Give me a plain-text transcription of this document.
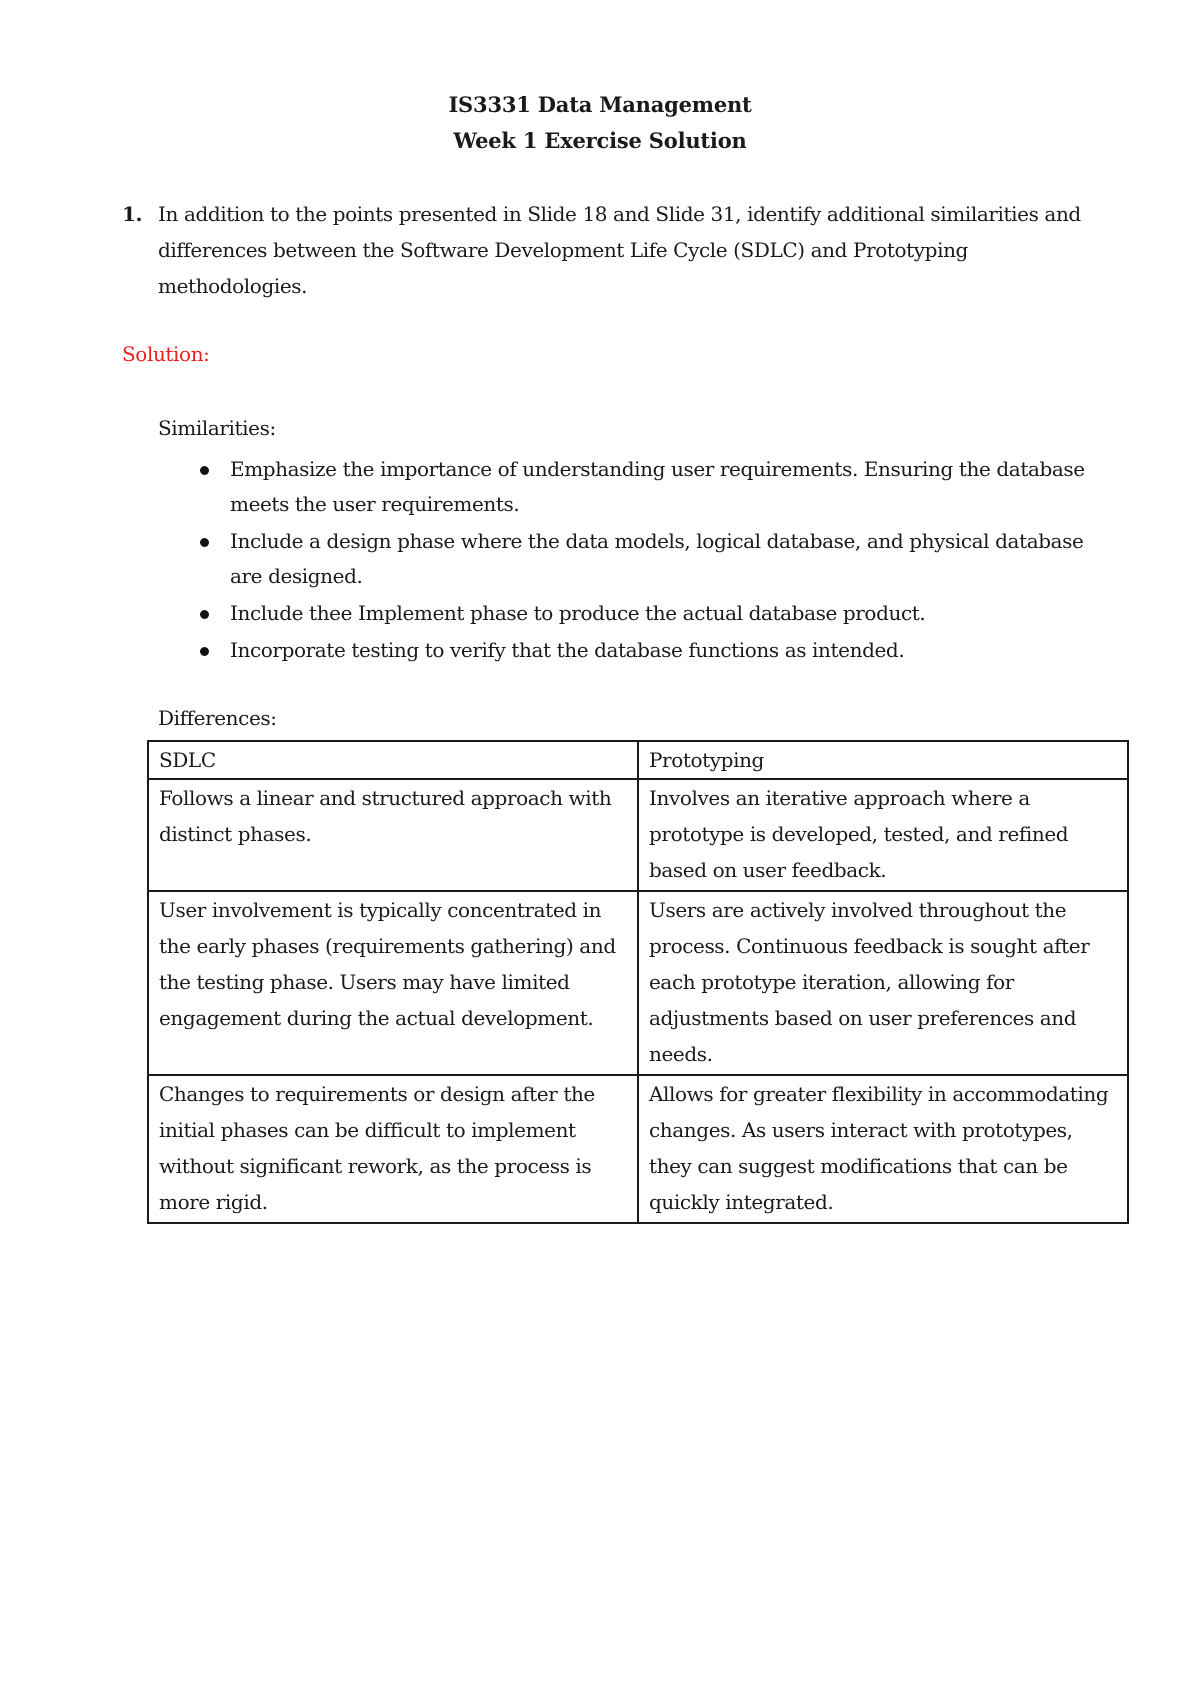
IS3331 Data Management
Week 1 Exercise Solution
1. In addition to the points presented in Slide 18 and Slide 31, identify additional similarities and differences between the Software Development Life Cycle (SDLC) and Prototyping methodologies.
Solution:
Similarities:
Emphasize the importance of understanding user requirements. Ensuring the database meets the user requirements.
Include a design phase where the data models, logical database, and physical database are designed.
Include thee Implement phase to produce the actual database product.
Incorporate testing to verify that the database functions as intended.
Differences:
SDLC	Prototyping
Follows a linear and structured approach with distinct phases.	Involves an iterative approach where a prototype is developed, tested, and refined based on user feedback.
User involvement is typically concentrated in the early phases (requirements gathering) and the testing phase. Users may have limited engagement during the actual development.	Users are actively involved throughout the process. Continuous feedback is sought after each prototype iteration, allowing for adjustments based on user preferences and needs.
Changes to requirements or design after the initial phases can be difficult to implement without significant rework, as the process is more rigid.	Allows for greater flexibility in accommodating changes. As users interact with prototypes, they can suggest modifications that can be quickly integrated.
